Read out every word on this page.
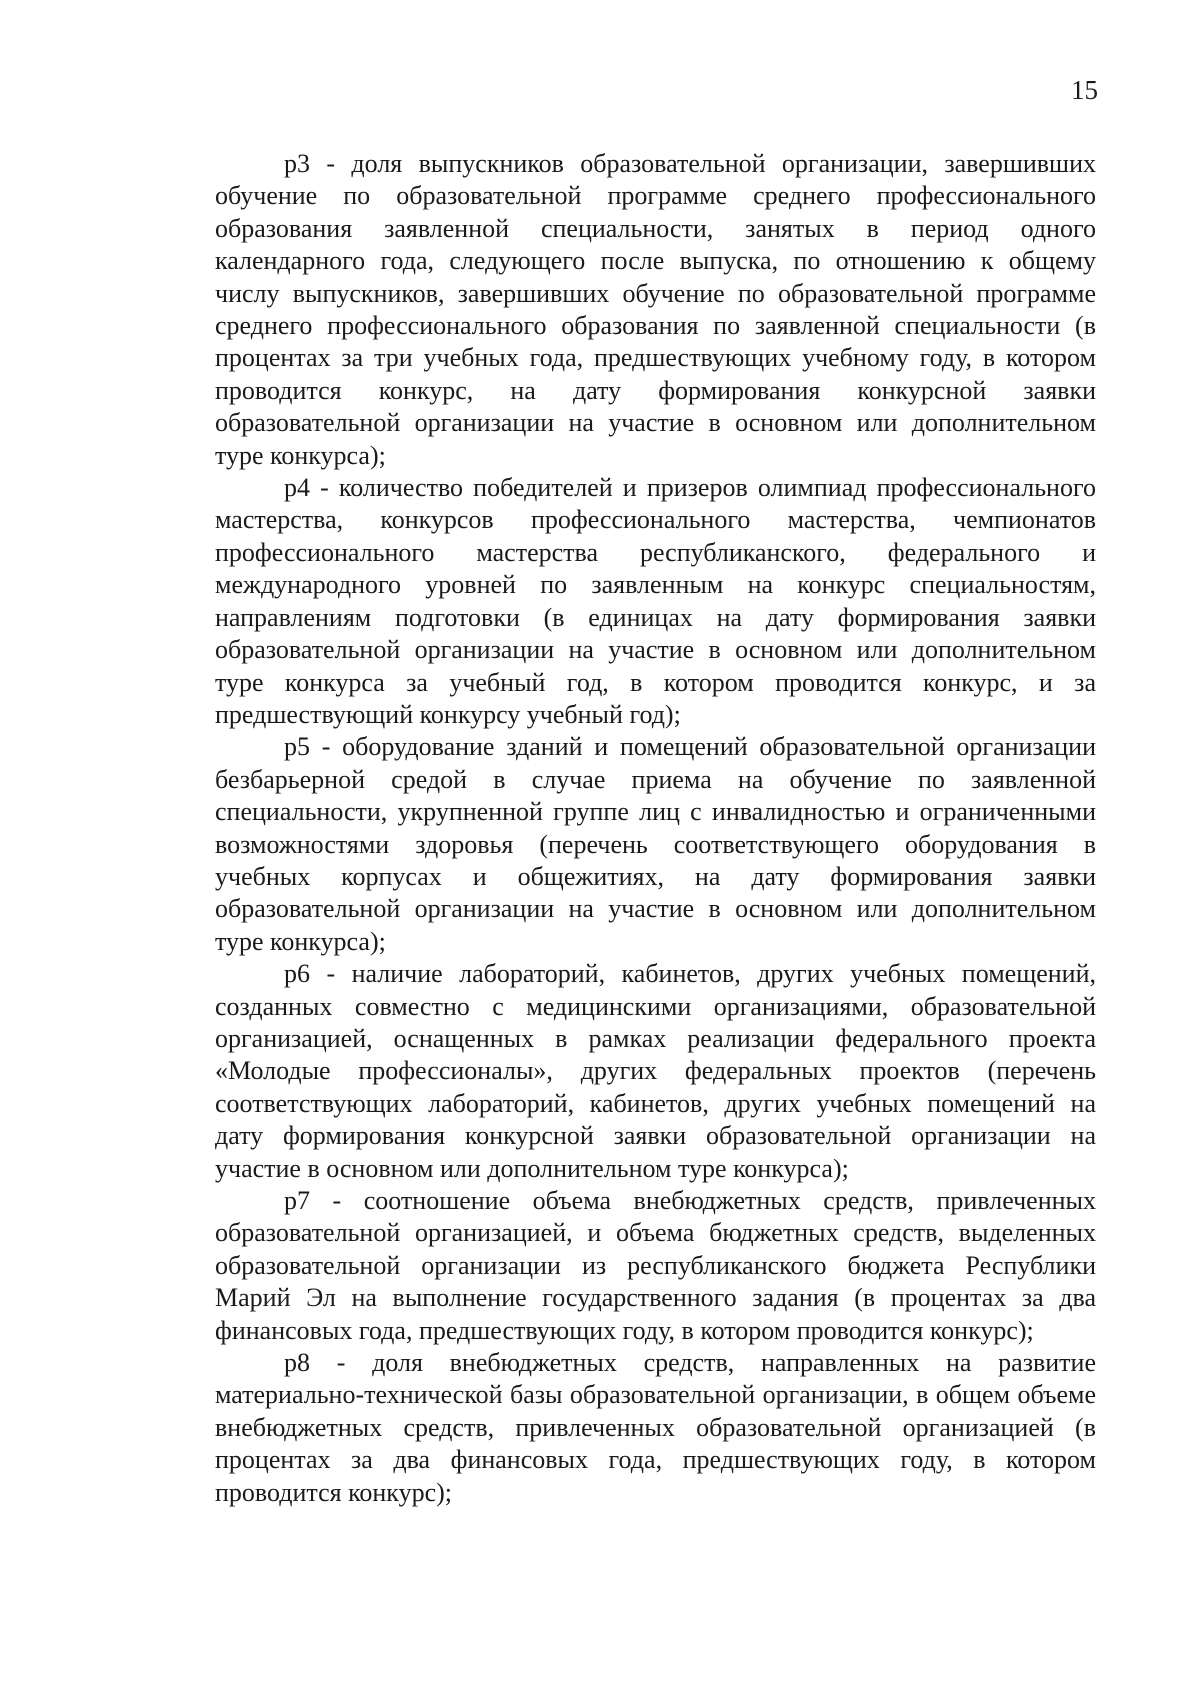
15

p3 - доля выпускников образовательной организации, завершивших обучение по образовательной программе среднего профессионального образования заявленной специальности, занятых в период одного календарного года, следующего после выпуска, по отношению к общему числу выпускников, завершивших обучение по образовательной программе среднего профессионального образования по заявленной специальности (в процентах за три учебных года, предшествующих учебному году, в котором проводится конкурс, на дату формирования конкурсной заявки образовательной организации на участие в основном или дополнительном туре конкурса);

p4 - количество победителей и призеров олимпиад профессионального мастерства, конкурсов профессионального мастерства, чемпионатов профессионального мастерства республиканского, федерального и международного уровней по заявленным на конкурс специальностям, направлениям подготовки (в единицах на дату формирования заявки образовательной организации на участие в основном или дополнительном туре конкурса за учебный год, в котором проводится конкурс, и за предшествующий конкурсу учебный год);

p5 - оборудование зданий и помещений образовательной организации безбарьерной средой в случае приема на обучение по заявленной специальности, укрупненной группе лиц с инвалидностью и ограниченными возможностями здоровья (перечень соответствующего оборудования в учебных корпусах и общежитиях, на дату формирования заявки образовательной организации на участие в основном или дополнительном туре конкурса);

p6 - наличие лабораторий, кабинетов, других учебных помещений, созданных совместно с медицинскими организациями, образовательной организацией, оснащенных в рамках реализации федерального проекта «Молодые профессионалы», других федеральных проектов (перечень соответствующих лабораторий, кабинетов, других учебных помещений на дату формирования конкурсной заявки образовательной организации на участие в основном или дополнительном туре конкурса);

p7 - соотношение объема внебюджетных средств, привлеченных образовательной организацией, и объема бюджетных средств, выделенных образовательной организации из республиканского бюджета Республики Марий Эл на выполнение государственного задания (в процентах за два финансовых года, предшествующих году, в котором проводится конкурс);

p8 - доля внебюджетных средств, направленных на развитие материально-технической базы образовательной организации, в общем объеме внебюджетных средств, привлеченных образовательной организацией (в процентах за два финансовых года, предшествующих году, в котором проводится конкурс);
